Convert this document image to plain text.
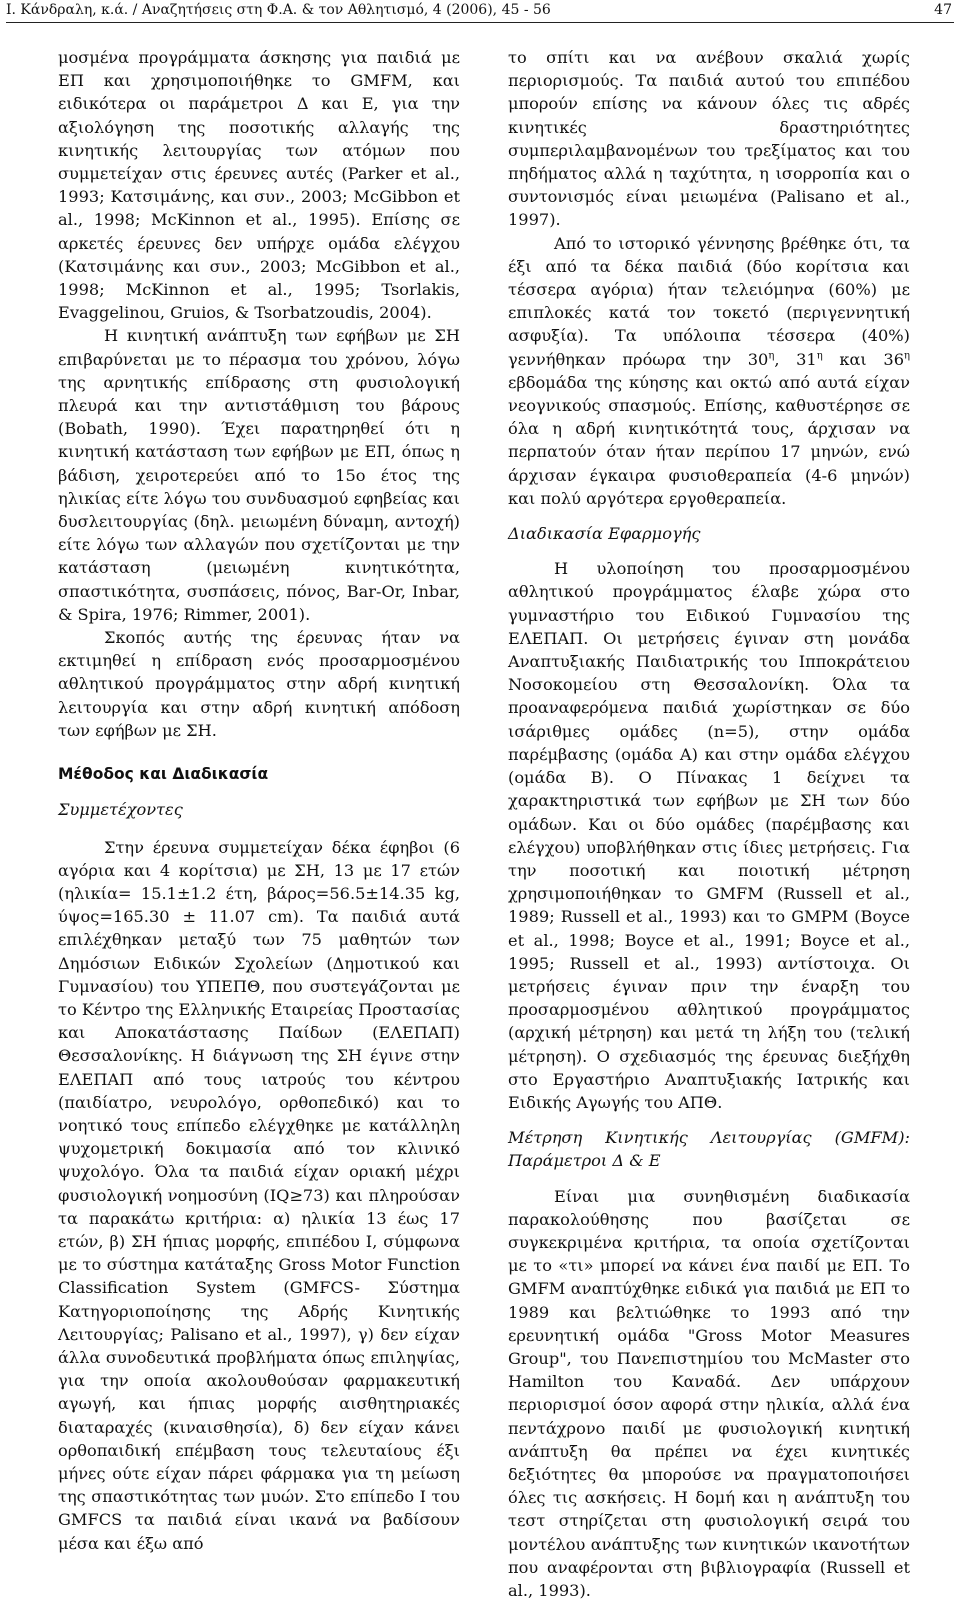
Ι. Κάνδραλη, κ.ά. / Αναζητήσεις στη Φ.Α. & τον Αθλητισμό, 4 (2006), 45 - 56	47

μοσμένα προγράμματα άσκησης για παιδιά με ΕΠ και χρησιμοποιήθηκε το GMFM, και ειδικότερα οι παράμετροι Δ και Ε, για την αξιολόγηση της ποσοτικής αλλαγής της κινητικής λειτουργίας των ατόμων που συμμετείχαν στις έρευνες αυτές (Parker et al., 1993; Κατσιμάνης, και συν., 2003; McGibbon et al., 1998; McKinnon et al., 1995). Επίσης σε αρκετές έρευνες δεν υπήρχε ομάδα ελέγχου (Κατσιμάνης και συν., 2003; McGibbon et al., 1998; McKinnon et al., 1995; Tsorlakis, Evaggelinou, Gruios, & Tsorbatzoudis, 2004).

Η κινητική ανάπτυξη των εφήβων με ΣΗ επιβαρύνεται με το πέρασμα του χρόνου, λόγω της αρνητικής επίδρασης στη φυσιολογική πλευρά και την αντιστάθμιση του βάρους (Bobath, 1990). Έχει παρατηρηθεί ότι η κινητική κατάσταση των εφήβων με ΕΠ, όπως η βάδιση, χειροτερεύει από το 15ο έτος της ηλικίας είτε λόγω του συνδυασμού εφηβείας και δυσλειτουργίας (δηλ. μειωμένη δύναμη, αντοχή) είτε λόγω των αλλαγών που σχετίζονται με την κατάσταση (μειωμένη κινητικότητα, σπαστικότητα, συσπάσεις, πόνος, Bar-Or, Inbar, & Spira, 1976; Rimmer, 2001).

Σκοπός αυτής της έρευνας ήταν να εκτιμηθεί η επίδραση ενός προσαρμοσμένου αθλητικού προγράμματος στην αδρή κινητική λειτουργία και στην αδρή κινητική απόδοση των εφήβων με ΣΗ.

Μέθοδος και Διαδικασία

Συμμετέχοντες

Στην έρευνα συμμετείχαν δέκα έφηβοι (6 αγόρια και 4 κορίτσια) με ΣΗ, 13 με 17 ετών (ηλικία= 15.1±1.2 έτη, βάρος=56.5±14.35 kg, ύψος=165.30 ± 11.07 cm). Τα παιδιά αυτά επιλέχθηκαν μεταξύ των 75 μαθητών των Δημόσιων Ειδικών Σχολείων (Δημοτικού και Γυμνασίου) του ΥΠΕΠΘ, που συστεγάζονται με το Κέντρο της Ελληνικής Εταιρείας Προστασίας και Αποκατάστασης Παίδων (ΕΛΕΠΑΠ) Θεσσαλονίκης. Η διάγνωση της ΣΗ έγινε στην ΕΛΕΠΑΠ από τους ιατρούς του κέντρου (παιδίατρο, νευρολόγο, ορθοπεδικό) και το νοητικό τους επίπεδο ελέγχθηκε με κατάλληλη ψυχομετρική δοκιμασία από τον κλινικό ψυχολόγο. Όλα τα παιδιά είχαν οριακή μέχρι φυσιολογική νοημοσύνη (IQ≥73) και πληρούσαν τα παρακάτω κριτήρια: α) ηλικία 13 έως 17 ετών, β) ΣΗ ήπιας μορφής, επιπέδου Ι, σύμφωνα με το σύστημα κατάταξης Gross Motor Function Classification System (GMFCS- Σύστημα Κατηγοριοποίησης της Αδρής Κινητικής Λειτουργίας; Palisano et al., 1997), γ) δεν είχαν άλλα συνοδευτικά προβλήματα όπως επιληψίας, για την οποία ακολουθούσαν φαρμακευτική αγωγή, και ήπιας μορφής αισθητηριακές διαταραχές (κιναισθησία), δ) δεν είχαν κάνει ορθοπαιδική επέμβαση τους τελευταίους έξι μήνες ούτε είχαν πάρει φάρμακα για τη μείωση της σπαστικότητας των μυών. Στο επίπεδο Ι του GMFCS τα παιδιά είναι ικανά να βαδίσουν μέσα και έξω από

το σπίτι και να ανέβουν σκαλιά χωρίς περιορισμούς. Τα παιδιά αυτού του επιπέδου μπορούν επίσης να κάνουν όλες τις αδρές κινητικές δραστηριότητες συμπεριλαμβανομένων του τρεξίματος και του πηδήματος αλλά η ταχύτητα, η ισορροπία και ο συντονισμός είναι μειωμένα (Palisano et al., 1997).

Από το ιστορικό γέννησης βρέθηκε ότι, τα έξι από τα δέκα παιδιά (δύο κορίτσια και τέσσερα αγόρια) ήταν τελειόμηνα (60%) με επιπλοκές κατά τον τοκετό (περιγεννητική ασφυξία). Τα υπόλοιπα τέσσερα (40%) γεννήθηκαν πρόωρα την $30^\eta$, $31^\eta$ και $36^\eta$ εβδομάδα της κύησης και οκτώ από αυτά είχαν νεογνικούς σπασμούς. Επίσης, καθυστέρησε σε όλα η αδρή κινητικότητά τους, άρχισαν να περπατούν όταν ήταν περίπου 17 μηνών, ενώ άρχισαν έγκαιρα φυσιοθεραπεία (4-6 μηνών) και πολύ αργότερα εργοθεραπεία.

Διαδικασία Εφαρμογής

Η υλοποίηση του προσαρμοσμένου αθλητικού προγράμματος έλαβε χώρα στο γυμναστήριο του Ειδικού Γυμνασίου της ΕΛΕΠΑΠ. Οι μετρήσεις έγιναν στη μονάδα Αναπτυξιακής Παιδιατρικής του Ιπποκράτειου Νοσοκομείου στη Θεσσαλονίκη. Όλα τα προαναφερόμενα παιδιά χωρίστηκαν σε δύο ισάριθμες ομάδες (n=5), στην ομάδα παρέμβασης (ομάδα Α) και στην ομάδα ελέγχου (ομάδα Β). Ο Πίνακας 1 δείχνει τα χαρακτηριστικά των εφήβων με ΣΗ των δύο ομάδων. Και οι δύο ομάδες (παρέμβασης και ελέγχου) υποβλήθηκαν στις ίδιες μετρήσεις. Για την ποσοτική και ποιοτική μέτρηση χρησιμοποιήθηκαν το GMFM (Russell et al., 1989; Russell et al., 1993) και το GMPM (Boyce et al., 1998; Boyce et al., 1991; Boyce et al., 1995; Russell et al., 1993) αντίστοιχα. Οι μετρήσεις έγιναν πριν την έναρξη του προσαρμοσμένου αθλητικού προγράμματος (αρχική μέτρηση) και μετά τη λήξη του (τελική μέτρηση). Ο σχεδιασμός της έρευνας διεξήχθη στο Εργαστήριο Αναπτυξιακής Ιατρικής και Ειδικής Αγωγής του ΑΠΘ.

Μέτρηση Κινητικής Λειτουργίας (GMFM): Παράμετροι Δ & Ε

Είναι μια συνηθισμένη διαδικασία παρακολούθησης που βασίζεται σε συγκεκριμένα κριτήρια, τα οποία σχετίζονται με το «τι» μπορεί να κάνει ένα παιδί με ΕΠ. Το GMFM αναπτύχθηκε ειδικά για παιδιά με ΕΠ το 1989 και βελτιώθηκε το 1993 από την ερευνητική ομάδα "Gross Motor Measures Group", του Πανεπιστημίου του McMaster στο Hamilton του Καναδά. Δεν υπάρχουν περιορισμοί όσον αφορά στην ηλικία, αλλά ένα πεντάχρονο παιδί με φυσιολογική κινητική ανάπτυξη θα πρέπει να έχει κινητικές δεξιότητες θα μπορούσε να πραγματοποιήσει όλες τις ασκήσεις. Η δομή και η ανάπτυξη του τεστ στηρίζεται στη φυσιολογική σειρά του μοντέλου ανάπτυξης των κινητικών ικανοτήτων που αναφέρονται στη βιβλιογραφία (Russell et al., 1993).
